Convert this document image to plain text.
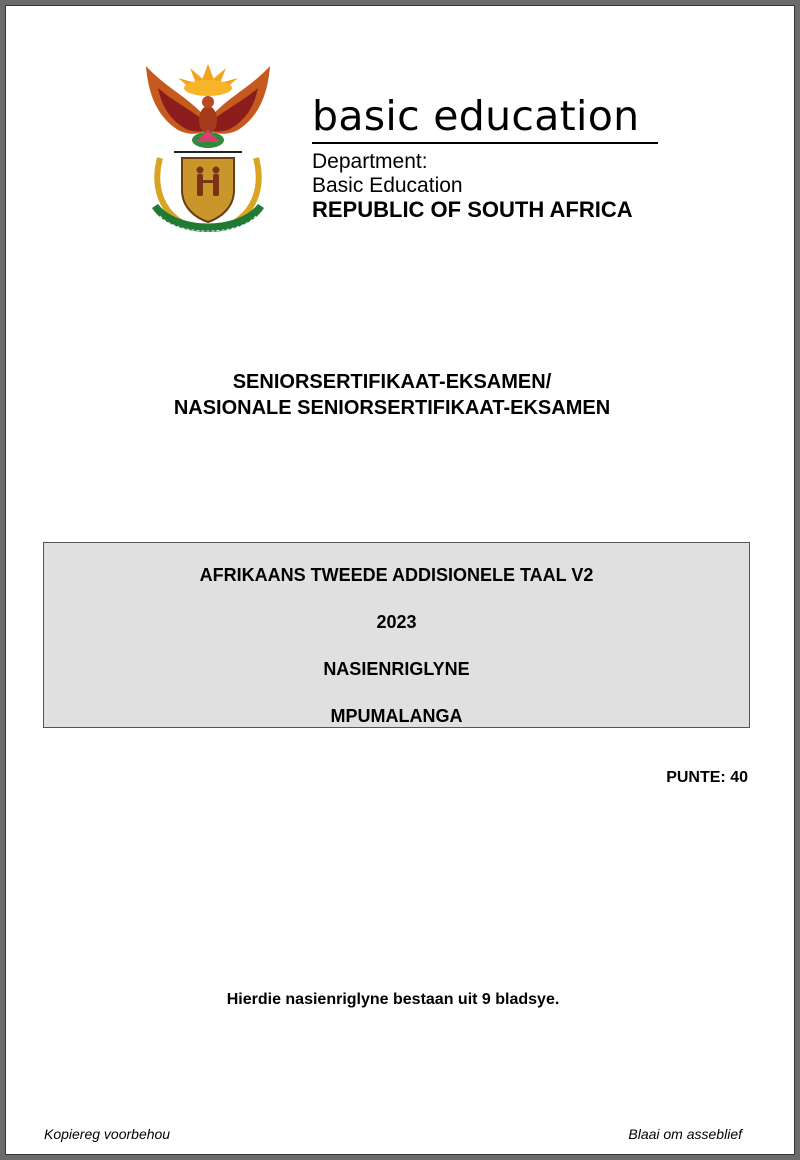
basic education
Department:
Basic Education
REPUBLIC OF SOUTH AFRICA
SENIORSERTIFIKAAT-EKSAMEN/
NASIONALE SENIORSERTIFIKAAT-EKSAMEN
AFRIKAANS TWEEDE ADDISIONELE TAAL V2
2023
NASIENRIGLYNE
MPUMALANGA
PUNTE: 40
Hierdie nasienriglyne bestaan uit 9 bladsye.
Kopiereg voorbehou	Blaai om asseblief
